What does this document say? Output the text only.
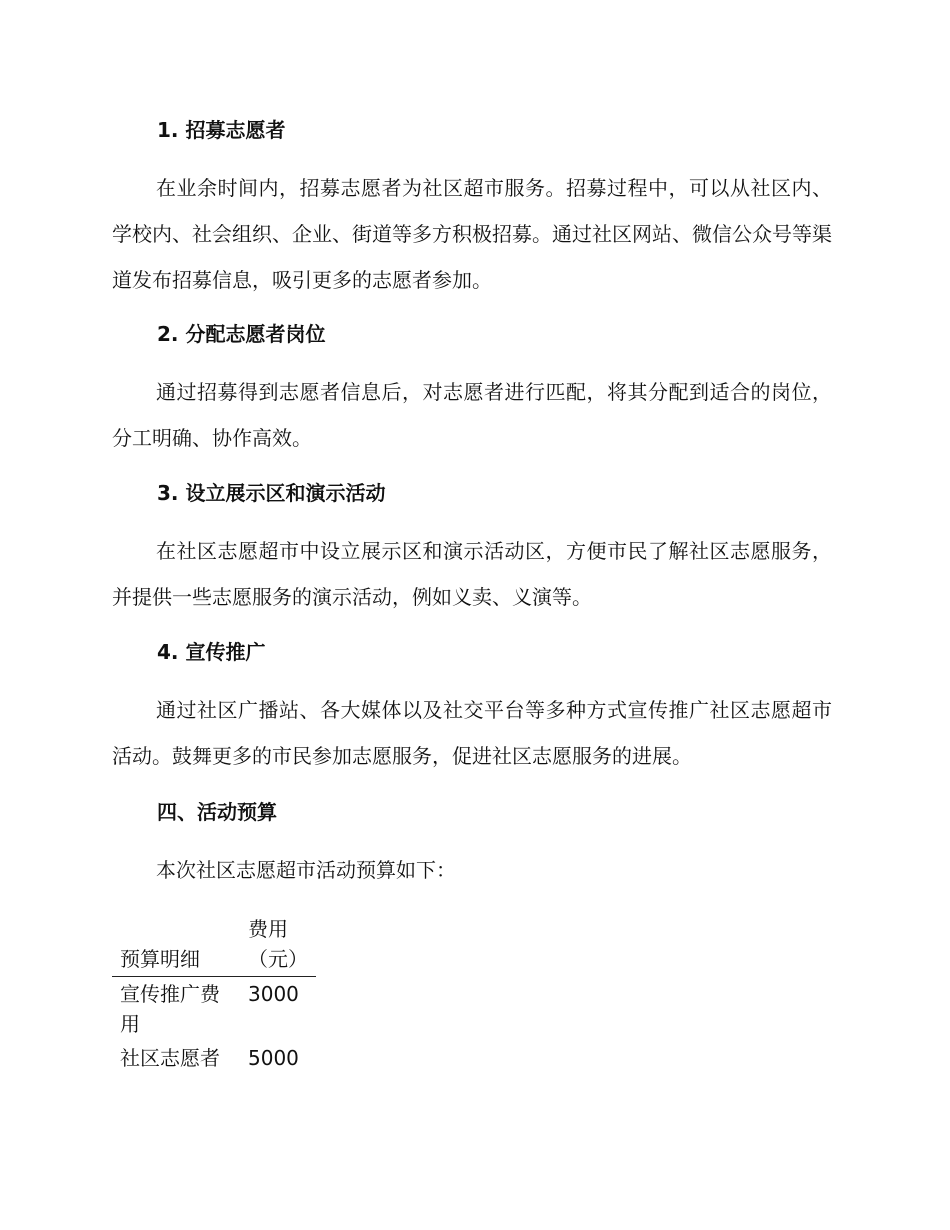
1. 招募志愿者

在业余时间内，招募志愿者为社区超市服务。招募过程中，可以从社区内、学校内、社会组织、企业、街道等多方积极招募。通过社区网站、微信公众号等渠道发布招募信息，吸引更多的志愿者参加。

2. 分配志愿者岗位

通过招募得到志愿者信息后，对志愿者进行匹配，将其分配到适合的岗位，分工明确、协作高效。

3. 设立展示区和演示活动

在社区志愿超市中设立展示区和演示活动区，方便市民了解社区志愿服务，并提供一些志愿服务的演示活动，例如义卖、义演等。

4. 宣传推广

通过社区广播站、各大媒体以及社交平台等多种方式宣传推广社区志愿超市活动。鼓舞更多的市民参加志愿服务，促进社区志愿服务的进展。

四、活动预算

本次社区志愿超市活动预算如下：

预算明细	费用（元）
宣传推广费用	3000
社区志愿者	5000
